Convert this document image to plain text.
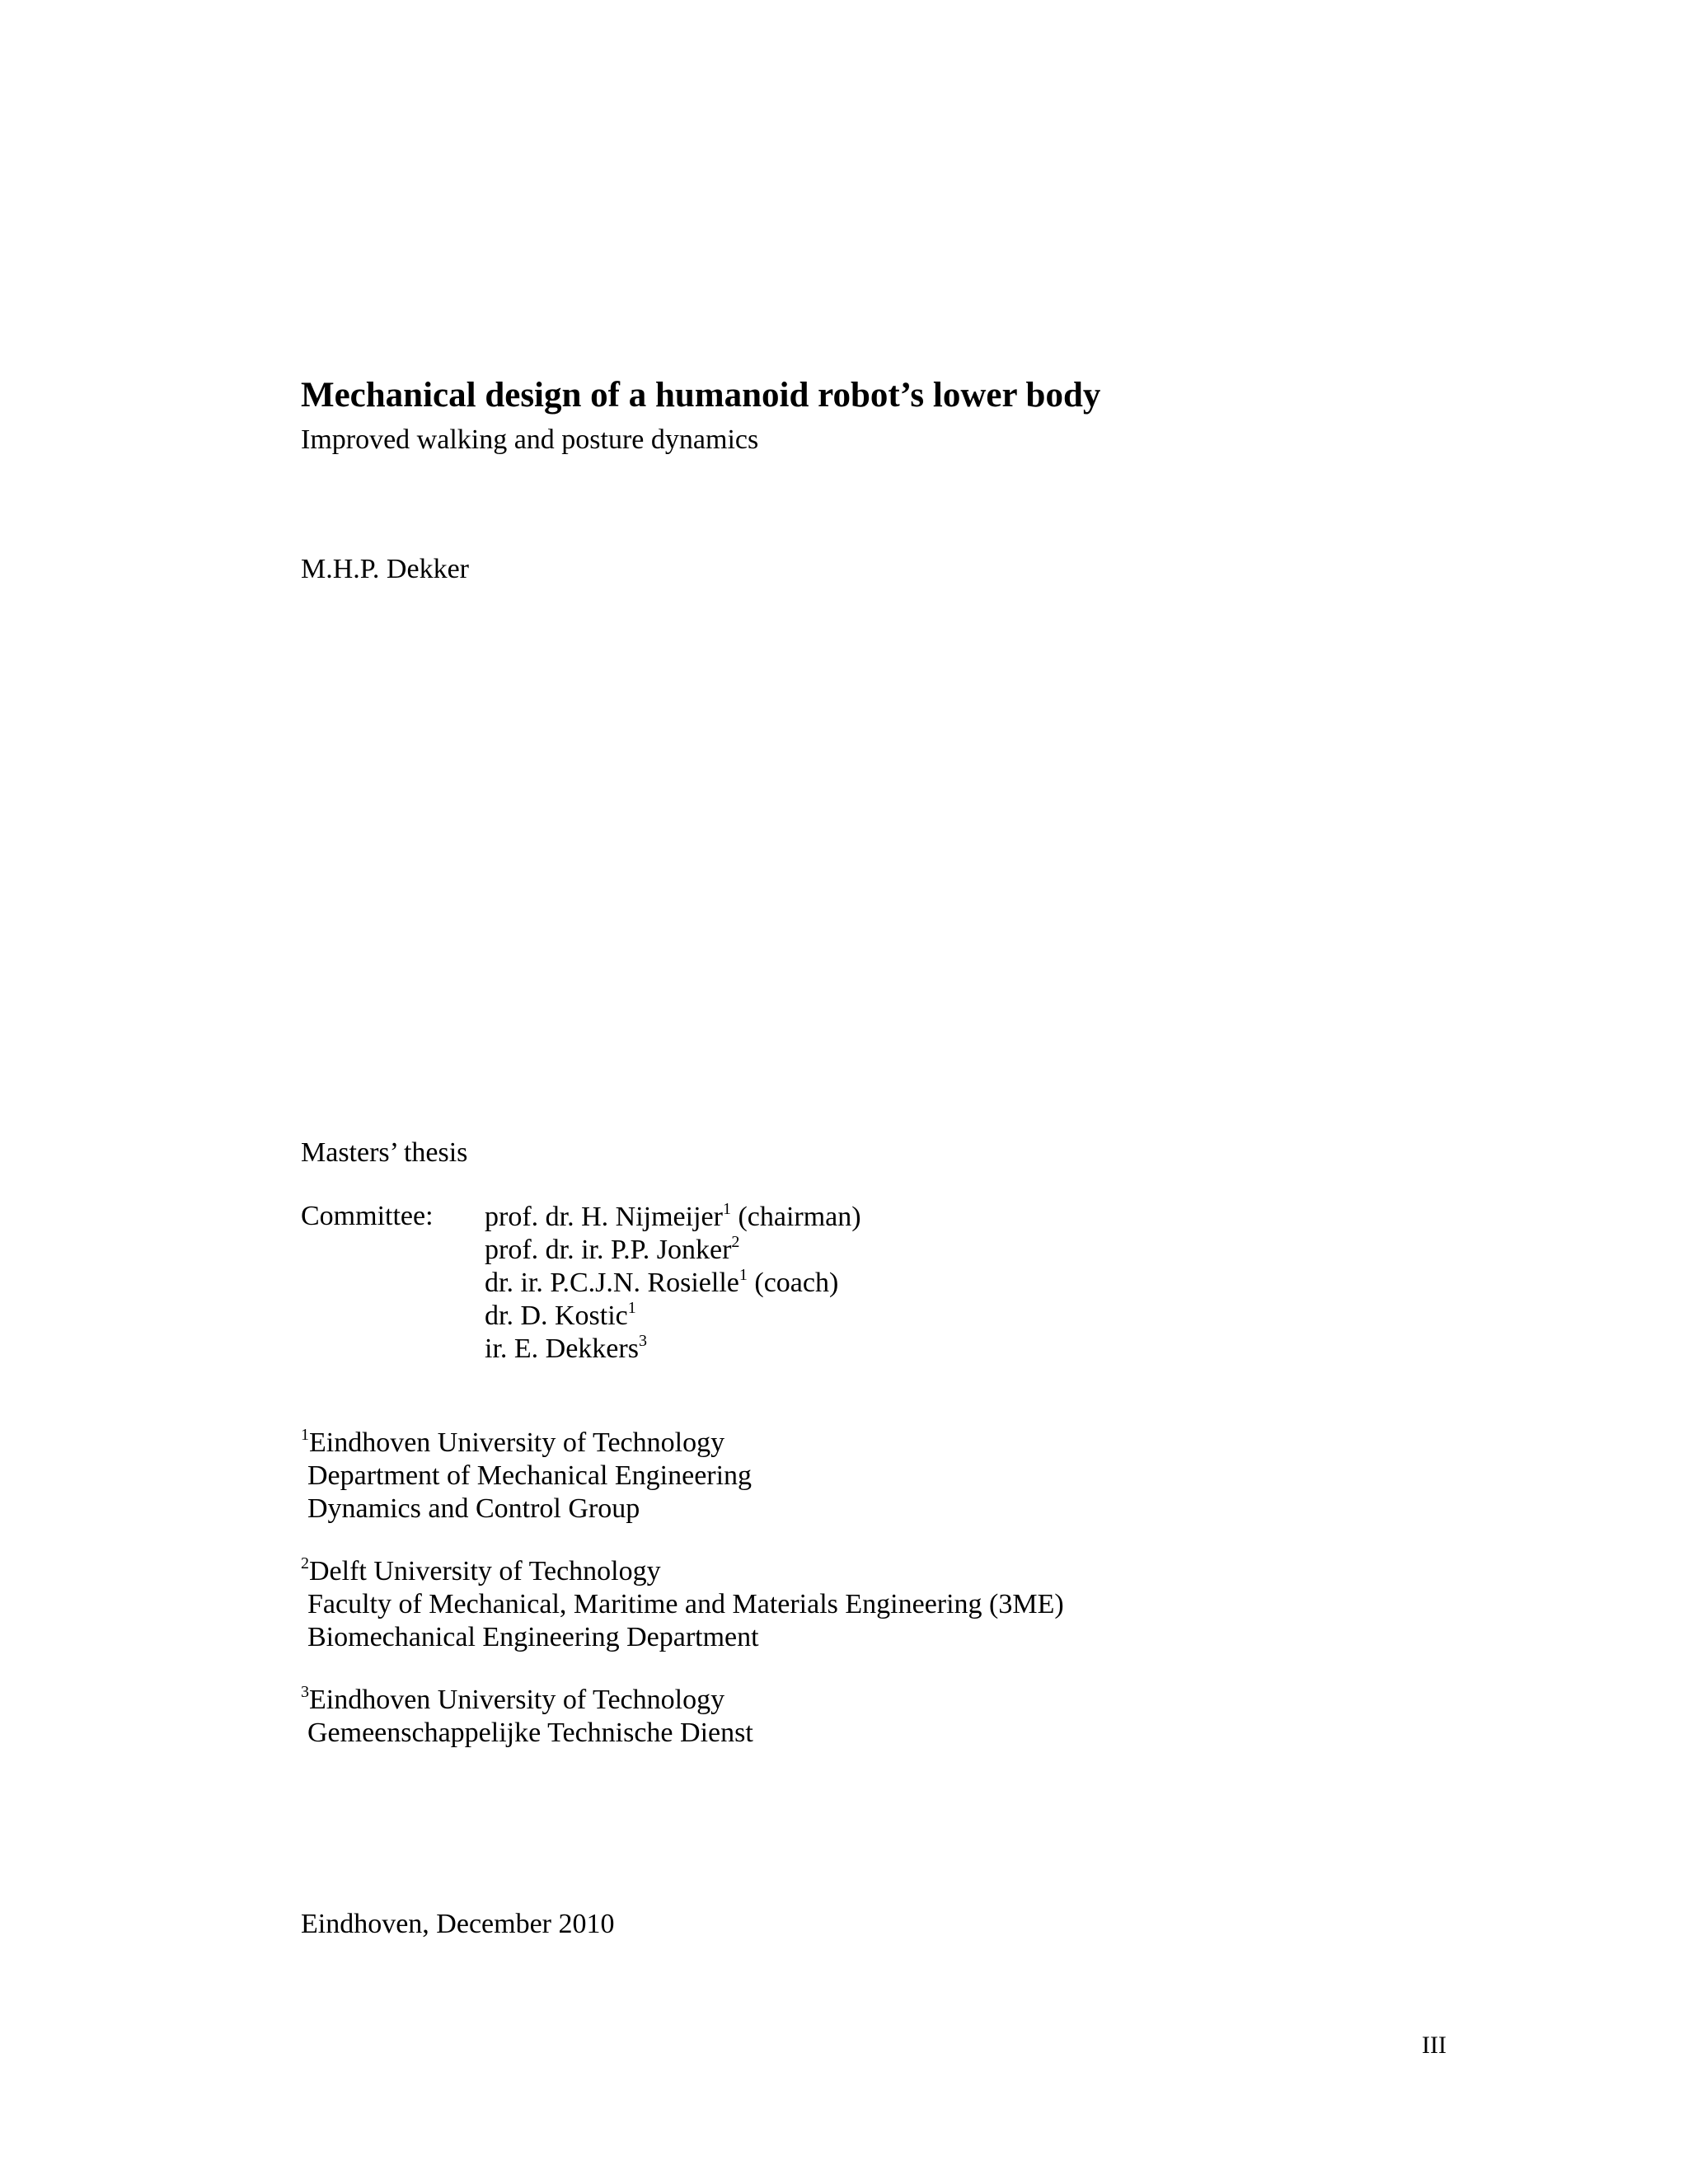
Mechanical design of a humanoid robot’s lower body
Improved walking and posture dynamics
M.H.P. Dekker
Masters’ thesis
Committee: prof. dr. H. Nijmeijer$^1$ (chairman)
prof. dr. ir. P.P. Jonker$^2$
dr. ir. P.C.J.N. Rosielle$^1$ (coach)
dr. D. Kostic$^1$
ir. E. Dekkers$^3$
$^1$Eindhoven University of Technology
Department of Mechanical Engineering
Dynamics and Control Group
$^2$Delft University of Technology
Faculty of Mechanical, Maritime and Materials Engineering (3ME)
Biomechanical Engineering Department
$^3$Eindhoven University of Technology
Gemeenschappelijke Technische Dienst
Eindhoven, December 2010
III
